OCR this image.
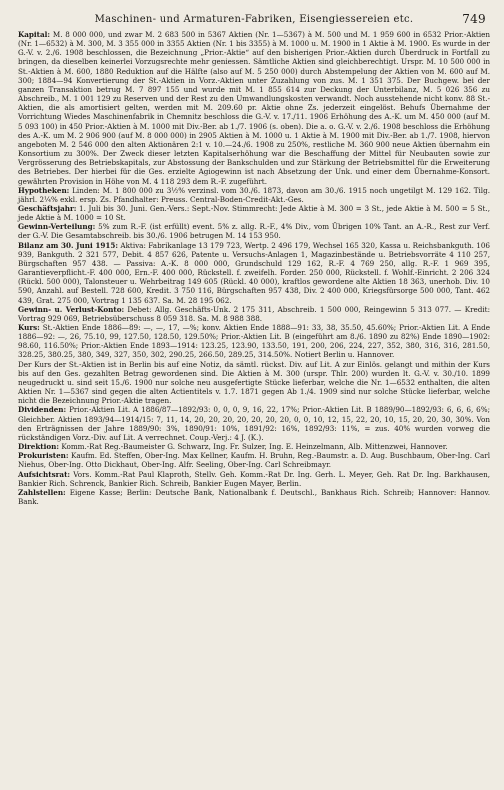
Maschinen- und Armaturen-Fabriken, Eisengiessereien etc.	749

Kapital: M. 8 000 000, und zwar M. 2 683 500 in 5367 Aktien (Nr. 1—5367) à M. 500 und M. 1 959 600 in 6532 Prior.-Aktien (Nr. 1—6532) à M. 300, M. 3 355 000 in 3355 Aktien (Nr. 1 bis 3355) à M. 1000 u. M. 1900 in 1 Aktie à M. 1900. Es wurde in der G.-V. v. 2./6. 1908 beschlossen, die Bezeichnung „Prior.-Aktie“ auf den bisherigen Prior.-Aktien durch Überdruck in Fortfall zu bringen, da dieselben keinerlei Vorzugsrechte mehr geniessen. Sämtliche Aktien sind gleichberechtigt. Urspr. M. 10 500 000 in St.-Aktien à M. 600, 1880 Reduktion auf die Hälfte (also auf M. 5 250 000) durch Abstempelung der Aktien von M. 600 auf M. 300; 1884—94 Konvertierung der St.-Aktien in Vorz.-Aktien unter Zuzahlung von zus. M. 1 351 375. Der Buchgew. bei der ganzen Transaktion betrug M. 7 897 155 und wurde mit M. 1 855 614 zur Deckung der Unterbilanz, M. 5 026 356 zu Abschreib., M. 1 001 129 zu Reserven und der Rest zu den Umwandlungskosten verwandt. Noch ausstehende nicht konv. 88 St.-Aktien, die als amortisiert gelten, werden mit M. 209.60 pr. Aktie ohne Zs. jederzeit eingelöst. Behufs Übernahme der Vorrichtung Wiedes Maschinenfabrik in Chemnitz beschloss die G.-V. v. 17./11. 1906 Erhöhung des A.-K. um M. 450 000 (auf M. 5 093 100) in 450 Prior.-Aktien à M. 1000 mit Div.-Ber. ab 1./7. 1906 (s. oben). Die a. o. G.-V. v. 2./6. 1908 beschloss die Erhöhung des A.-K. um M. 2 906 900 (auf M. 8 000 000) in 2905 Aktien à M. 1000 u. 1 Aktie à M. 1900 mit Div.-Ber. ab 1./7. 1908, hiervon angeboten M. 2 546 000 den alten Aktionären 2:1 v. 10.—24./6. 1908 zu 250%, restliche M. 360 900 neue Aktien übernahm ein Konsortium zu 300%. Der Zweck dieser letzten Kapitalserhöhung war die Beschaffung der Mittel für Neubauten sowie zur Vergrösserung des Betriebskapitals, zur Abstossung der Bankschulden und zur Stärkung der Betriebsmittel für die Erweiterung des Betriebes. Der hierbei für die Ges. erzielte Agiogewinn ist nach Absetzung der Unk. und einer dem Übernahme-Konsort. gewährten Provision in Höhe von M. 4 118 293 dem R.-F. zugeführt.

Hypotheken: Linden: M. 1 800 000 zu 3½% verzinsl. vom 30./6. 1873, davon am 30./6. 1915 noch ungetilgt M. 129 162. Tilg. jährl. 2¼% exkl. ersp. Zs. Pfandhalter: Preuss. Central-Boden-Credit-Akt.-Ges.

Geschäftsjahr: 1. Juli bis 30. Juni. Gen.-Vers.: Sept.-Nov. Stimmrecht: Jede Aktie à M. 300 = 3 St., jede Aktie à M. 500 = 5 St., jede Aktie à M. 1000 = 10 St.

Gewinn-Verteilung: 5% zum R.-F. (ist erfüllt) event. 5% z. allg. R.-F., 4% Div., vom Übrigen 10% Tant. an A.-R., Rest zur Verf. der G.-V. Die Gesamtabschreib. bis 30./6. 1906 betrugen M. 14 153 950.

Bilanz am 30. Juni 1915: Aktiva: Fabrikanlage 13 179 723, Wertp. 2 496 179, Wechsel 165 320, Kassa u. Reichsbankguth. 106 939, Bankguth. 2 321 577, Debit. 4 857 626, Patente u. Versuchs-Anlagen 1, Magazinbestände u. Betriebsvorräte 4 110 257, Bürgschaften 957 438. — Passiva: A.-K. 8 000 000, Grundschuld 129 162, R.-F. 4 769 250, allg. R.-F. 1 969 395, Garantieverpflicht.-F. 400 000, Ern.-F. 400 000, Rückstell. f. zweifelh. Forder. 250 000, Rückstell. f. Wohlf.-Einricht. 2 206 324 (Rückl. 500 000), Talonsteuer u. Wehrbeitrag 149 605 (Rückl. 40 000), kraftlos gewordene alte Aktien 18 363, unerhob. Div. 10 590, Anzahl. auf Bestell. 728 600, Kredit. 3 750 116, Bürgschaften 957 438, Div. 2 400 000, Kriegsfürsorge 500 000, Tant. 462 439, Grat. 275 000, Vortrag 1 135 637. Sa. M. 28 195 062.

Gewinn- u. Verlust-Konto: Debet: Allg. Geschäfts-Unk. 2 175 311, Abschreib. 1 500 000, Reingewinn 5 313 077. — Kredit: Vortrag 929 069, Betriebsüberschuss 8 059 318. Sa. M. 8 988 388.

Kurs: St.-Aktien Ende 1886—89: —, —, 17, —%; konv. Aktien Ende 1888—91: 33, 38, 35.50, 45.60%; Prior.-Aktien Lit. A Ende 1886—92: —, 26, 75.10, 99, 127.50, 128.50, 129.50%; Prior.-Aktien Lit. B (eingeführt am 8./6. 1890 zu 82%) Ende 1890—1902: 98.60, 116.50%; Prior.-Aktien Ende 1893—1914: 123.25, 123.90, 133.50, 191, 200, 206, 224, 227, 352, 380, 316, 316, 281.50, 328.25, 380.25, 380, 349, 327, 350, 302, 290.25, 266.50, 289.25, 314.50%. Notiert Berlin u. Hannover.

Der Kurs der St.-Aktien ist in Berlin bis auf eine Notiz, da sämtl. rückst. Div. auf Lit. A zur Einlös. gelangt und mithin der Kurs bis auf den Ges. gezahlten Betrag gewordenen sind. Die Aktien à M. 300 (urspr. Thlr. 200) wurden lt. G.-V. v. 30./10. 1899 neugedruckt u. sind seit 15./6. 1900 nur solche neu ausgefertigte Stücke lieferbar, welche die Nr. 1—6532 enthalten, die alten Aktien Nr. 1—5367 sind gegen die alten Actientitels v. 1.7. 1871 gegen Ab 1./4. 1909 sind nur solche Stücke lieferbar, welche nicht die Bezeichnung Prior.-Aktie tragen.

Dividenden: Prior.-Aktien Lit. A 1886/87—1892/93: 0, 0, 0, 9, 16, 22, 17%; Prior.-Aktien Lit. B 1889/90—1892/93: 6, 6, 6, 6%; Gleichber. Aktien 1893/94—1914/15: 7, 11, 14, 20, 20, 20, 20, 20, 20, 20, 0, 0, 10, 12, 15, 22, 20, 10, 15, 20, 20, 30, 30%. Von den Erträgnissen der Jahre 1889/90: 3%, 1890/91: 10%, 1891/92: 16%, 1892/93: 11%, = zus. 40% wurden vorweg die rückständigen Vorz.-Div. auf Lit. A verrechnet. Coup.-Verj.: 4 J. (K.).

Direktion: Komm.-Rat Reg.-Baumeister G. Schwarz, Ing. Fr. Sulzer, Ing. E. Heinzelmann, Alb. Mittenzwei, Hannover.

Prokuristen: Kaufm. Ed. Steffen, Ober-Ing. Max Kellner, Kaufm. H. Bruhn, Reg.-Baumstr. a. D. Aug. Buschbaum, Ober-Ing. Carl Niehus, Ober-Ing. Otto Dickhaut, Ober-Ing. Alfr. Seeling, Ober-Ing. Carl Schreibmayr.

Aufsichtsrat: Vors. Komm.-Rat Paul Klaproth, Stellv. Geh. Komm.-Rat Dr. Ing. Gerh. L. Meyer, Geh. Rat Dr. Ing. Barkhausen, Bankier Rich. Schrenck, Bankier Rich. Schreib, Bankier Eugen Mayer, Berlin.

Zahlstellen: Eigene Kasse; Berlin: Deutsche Bank, Nationalbank f. Deutschl., Bankhaus Rich. Schreib; Hannover: Hannov. Bank.
